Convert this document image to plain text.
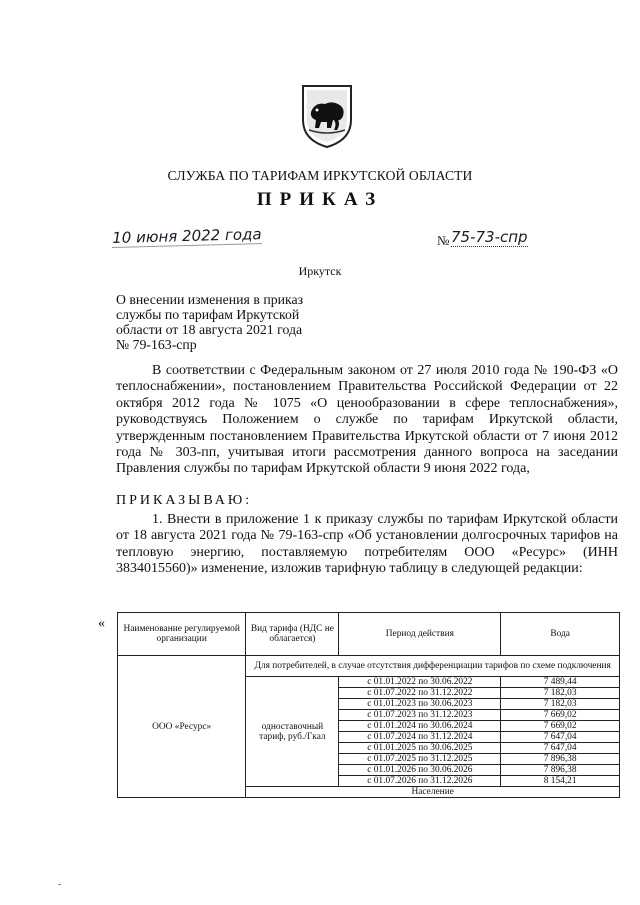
СЛУЖБА ПО ТАРИФАМ ИРКУТСКОЙ ОБЛАСТИ
ПРИКАЗ
10 июня 2022 года	№ 75-73-спр
Иркутск
О внесении изменения в приказ
службы по тарифам Иркутской
области от 18 августа 2021 года
№ 79-163-спр
В соответствии с Федеральным законом от 27 июля 2010 года № 190-ФЗ «О теплоснабжении», постановлением Правительства Российской Федерации от 22 октября 2012 года № 1075 «О ценообразовании в сфере теплоснабжения», руководствуясь Положением о службе по тарифам Иркутской области, утвержденным постановлением Правительства Иркутской области от 7 июня 2012 года № 303-пп, учитывая итоги рассмотрения данного вопроса на заседании Правления службы по тарифам Иркутской области 9 июня 2022 года,
ПРИКАЗЫВАЮ:
1. Внести в приложение 1 к приказу службы по тарифам Иркутской области от 18 августа 2021 года № 79-163-спр «Об установлении долгосрочных тарифов на тепловую энергию, поставляемую потребителям ООО «Ресурс» (ИНН 3834015560)» изменение, изложив тарифную таблицу в следующей редакции:
« Наименование регулируемой организации	Вид тарифа (НДС не облагается)	Период действия	Вода
ООО «Ресурс»	Для потребителей, в случае отсутствия дифференциации тарифов по схеме подключения		
	одноставочный тариф, руб./Гкал	с 01.01.2022 по 30.06.2022	7 489,44
		с 01.07.2022 по 31.12.2022	7 182,03
		с 01.01.2023 по 30.06.2023	7 182,03
		с 01.07.2023 по 31.12.2023	7 669,02
		с 01.01.2024 по 30.06.2024	7 669,02
		с 01.07.2024 по 31.12.2024	7 647,04
		с 01.01.2025 по 30.06.2025	7 647,04
		с 01.07.2025 по 31.12.2025	7 896,38
		с 01.01.2026 по 30.06.2026	7 896,38
		с 01.07.2026 по 31.12.2026	8 154,21
	Население		
